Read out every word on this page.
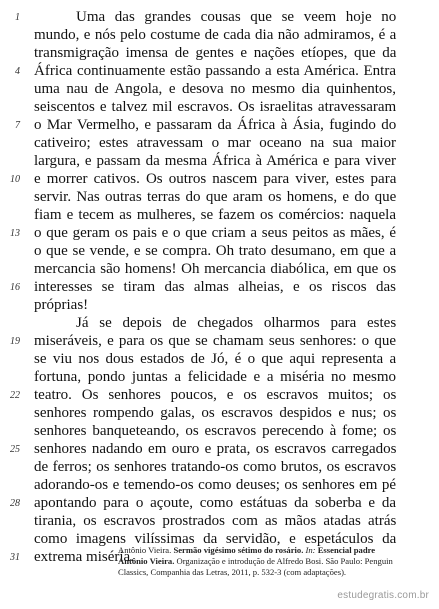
1	Uma das grandes cousas que se veem hoje no
mundo, e nós pelo costume de cada dia não admiramos, é a
transmigração imensa de gentes e nações etíopes, que da
4 África continuamente estão passando a esta América. Entra
uma nau de Angola, e desova no mesmo dia quinhentos,
seiscentos e talvez mil escravos. Os israelitas atravessaram
7 o Mar Vermelho, e passaram da África à Ásia, fugindo do
cativeiro; estes atravessam o mar oceano na sua maior
largura, e passam da mesma África à América e para viver
10 e morrer cativos. Os outros nascem para viver, estes para
servir. Nas outras terras do que aram os homens, e do que
fiam e tecem as mulheres, se fazem os comércios: naquela
13 o que geram os pais e o que criam a seus peitos as mães, é
o que se vende, e se compra. Oh trato desumano, em que a
mercancia são homens! Oh mercancia diabólica, em que os
16 interesses se tiram das almas alheias, e os riscos das
próprias!
Já se depois de chegados olharmos para estes
19 miseráveis, e para os que se chamam seus senhores: o que
se viu nos dous estados de Jó, é o que aqui representa a
fortuna, pondo juntas a felicidade e a miséria no mesmo
22 teatro. Os senhores poucos, e os escravos muitos; os
senhores rompendo galas, os escravos despidos e nus; os
senhores banqueteando, os escravos perecendo à fome; os
25 senhores nadando em ouro e prata, os escravos carregados
de ferros; os senhores tratando-os como brutos, os escravos
adorando-os e temendo-os como deuses; os senhores em pé
28 apontando para o açoute, como estátuas da soberba e da
tirania, os escravos prostrados com as mãos atadas atrás
como imagens vilíssimas da servidão, e espetáculos da
31 extrema miséria.
Antônio Vieira. Sermão vigésimo sétimo do rosário. In: Essencial padre Antônio Vieira. Organização e introdução de Alfredo Bosi. São Paulo: Penguin Classics, Companhia das Letras, 2011, p. 532-3 (com adaptações).
estudegratis.com.br
